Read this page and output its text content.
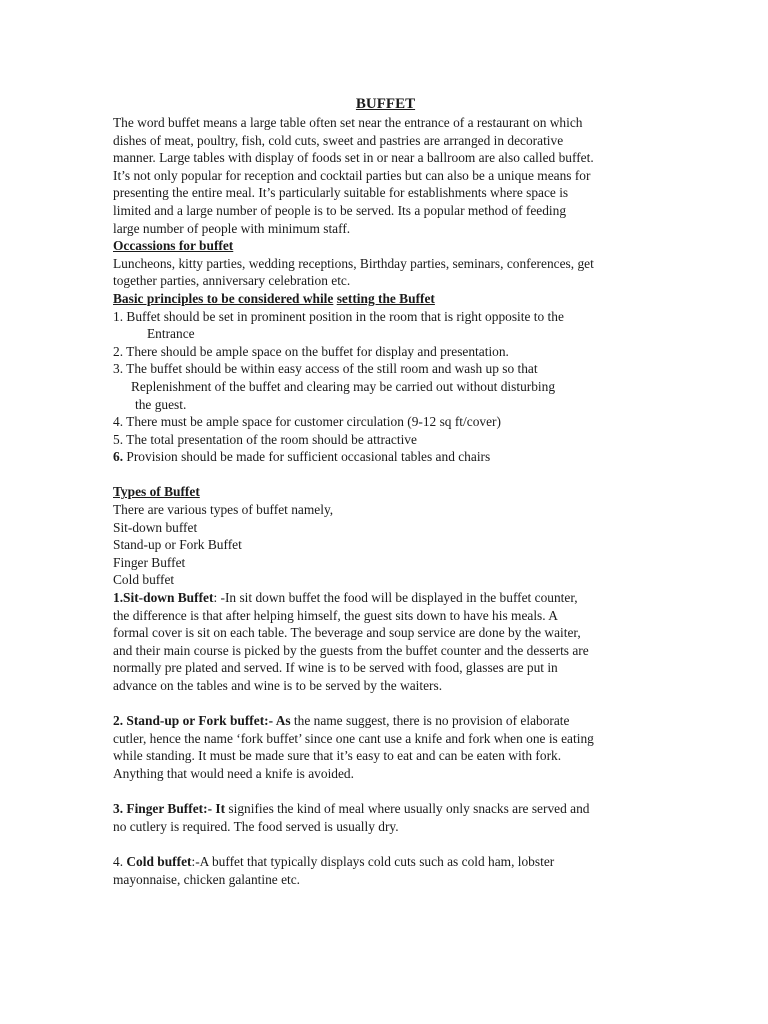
BUFFET

The word buffet means a large table often set near the entrance of a restaurant on which

dishes of meat, poultry, fish, cold cuts, sweet and pastries are arranged in decorative

manner. Large tables with display of foods set in or near a ballroom are also called buffet.

It’s not only popular for reception and cocktail parties but can also be a unique means for

presenting the entire meal. It’s particularly suitable for establishments where space is

limited and a large number of people is to be served. Its a popular method of feeding

large number of people with minimum staff.

Occassions for buffet

Luncheons, kitty parties, wedding receptions, Birthday parties, seminars, conferences, get

together parties, anniversary celebration etc.

Basic principles to be considered while setting the Buffet

1. Buffet should be set in prominent position in the room that is right opposite to the

Entrance

2. There should be ample space on the buffet for display and presentation.

3. The buffet should be within easy access of the still room and wash up so that

Replenishment of the buffet and clearing may be carried out without disturbing

the guest.

4. There must be ample space for customer circulation (9-12 sq ft/cover)

5. The total presentation of the room should be attractive

6. Provision should be made for sufficient occasional tables and chairs

Types of Buffet

There are various types of buffet namely,

Sit-down buffet

Stand-up or Fork Buffet

Finger Buffet

Cold buffet

1.Sit-down Buffet: -In sit down buffet the food will be displayed in the buffet counter,

the difference is that after helping himself, the guest sits down to have his meals. A

formal cover is sit on each table. The beverage and soup service are done by the waiter,

and their main course is picked by the guests from the buffet counter and the desserts are

normally pre plated and served. If wine is to be served with food, glasses are put in

advance on the tables and wine is to be served by the waiters.

2. Stand-up or Fork buffet:- As the name suggest, there is no provision of elaborate

cutler, hence the name ‘fork buffet’ since one cant use a knife and fork when one is eating

while standing. It must be made sure that it’s easy to eat and can be eaten with fork.

Anything that would need a knife is avoided.

3. Finger Buffet:- It signifies the kind of meal where usually only snacks are served and

no cutlery is required. The food served is usually dry.

4. Cold buffet:-A buffet that typically displays cold cuts such as cold ham, lobster

mayonnaise, chicken galantine etc.
